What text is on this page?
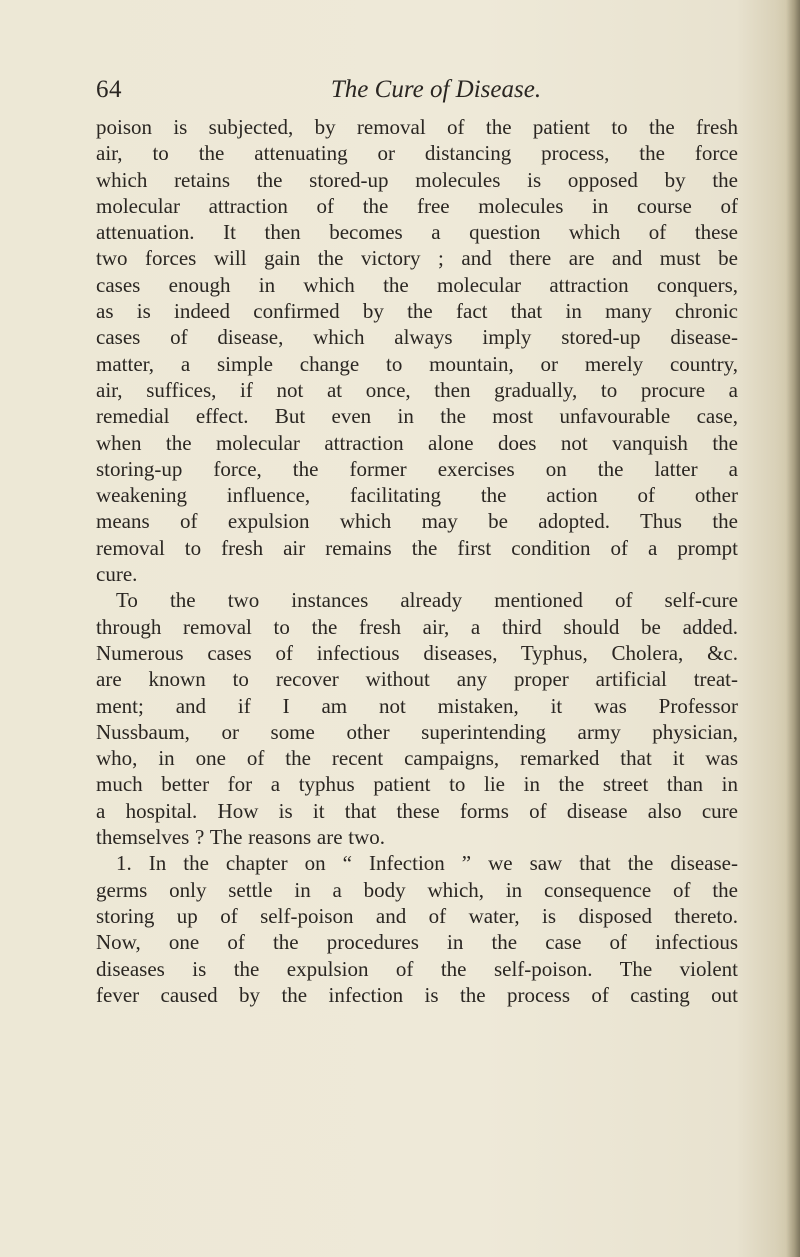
64	The Cure of Disease.
poison is subjected, by removal of the patient to the fresh
air, to the attenuating or distancing process, the force
which retains the stored-up molecules is opposed by the
molecular attraction of the free molecules in course of
attenuation. It then becomes a question which of these
two forces will gain the victory ; and there are and must be
cases enough in which the molecular attraction conquers,
as is indeed confirmed by the fact that in many chronic
cases of disease, which always imply stored-up disease-
matter, a simple change to mountain, or merely country,
air, suffices, if not at once, then gradually, to procure a
remedial effect. But even in the most unfavourable case,
when the molecular attraction alone does not vanquish the
storing-up force, the former exercises on the latter a
weakening influence, facilitating the action of other
means of expulsion which may be adopted. Thus the
removal to fresh air remains the first condition of a prompt
cure.
To the two instances already mentioned of self-cure
through removal to the fresh air, a third should be added.
Numerous cases of infectious diseases, Typhus, Cholera, &c.
are known to recover without any proper artificial treat-
ment; and if I am not mistaken, it was Professor
Nussbaum, or some other superintending army physician,
who, in one of the recent campaigns, remarked that it was
much better for a typhus patient to lie in the street than in
a hospital. How is it that these forms of disease also cure
themselves ? The reasons are two.
1. In the chapter on “ Infection ” we saw that the disease-
germs only settle in a body which, in consequence of the
storing up of self-poison and of water, is disposed thereto.
Now, one of the procedures in the case of infectious
diseases is the expulsion of the self-poison. The violent
fever caused by the infection is the process of casting out
